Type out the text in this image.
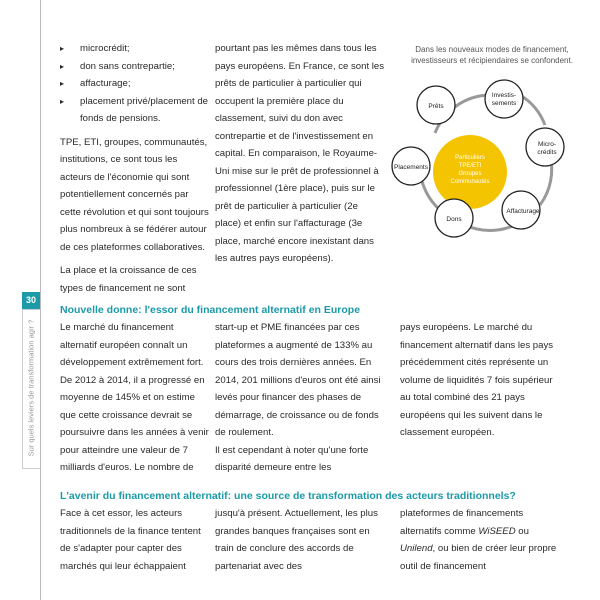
30
Sur quels leviers de transformation agir ?
▸ microcrédit;
▸ don sans contrepartie;
▸ affacturage;
▸ placement privé/placement de fonds de pensions.

TPE, ETI, groupes, communautés, institutions, ce sont tous les acteurs de l'économie qui sont potentiellement concernés par cette révolution et qui sont toujours plus nombreux à se fédérer autour de ces plateformes collaboratives.

La place et la croissance de ces types de financement ne sont

pourtant pas les mêmes dans tous les pays européens. En France, ce sont les prêts de particulier à particulier qui occupent la première place du classement, suivi du don avec contrepartie et de l'investissement en capital. En comparaison, le Royaume-Uni mise sur le prêt de professionnel à professionnel (1ère place), puis sur le prêt de particulier à particulier (2e place) et enfin sur l'affacturage (3e place, marché encore inexistant dans les autres pays européens).

Nouvelle donne: l'essor du financement alternatif en Europe

Le marché du financement alternatif européen connaît un développement extrêmement fort. De 2012 à 2014, il a progressé en moyenne de 145% et on estime que cette croissance devrait se poursuivre dans les années à venir pour atteindre une valeur de 7 milliards d'euros. Le nombre de

start-up et PME financées par ces plateformes a augmenté de 133% au cours des trois dernières années. En 2014, 201 millions d'euros ont été ainsi levés pour financer des phases de démarrage, de croissance ou de fonds de roulement.

Il est cependant à noter qu'une forte disparité demeure entre les

pays européens. Le marché du financement alternatif dans les pays précédemment cités représente un volume de liquidités 7 fois supérieur au total combiné des 21 pays européens qui les suivent dans le classement européen.

L'avenir du financement alternatif: une source de transformation des acteurs traditionnels?

Face à cet essor, les acteurs traditionnels de la finance tentent de s'adapter pour capter des marchés qui leur échappaient

jusqu'à présent. Actuellement, les plus grandes banques françaises sont en train de conclure des accords de partenariat avec des

plateformes de financements alternatifs comme WiSEED ou Unilend, ou bien de créer leur propre outil de financement

Dans les nouveaux modes de financement, investisseurs et récipiendaires se confondent.
Particuliers
TPE/ETI
Groupes
Communautés
Prêts
Investis-
sements
Micro-
crédits
Placements
Affacturage
Dons
